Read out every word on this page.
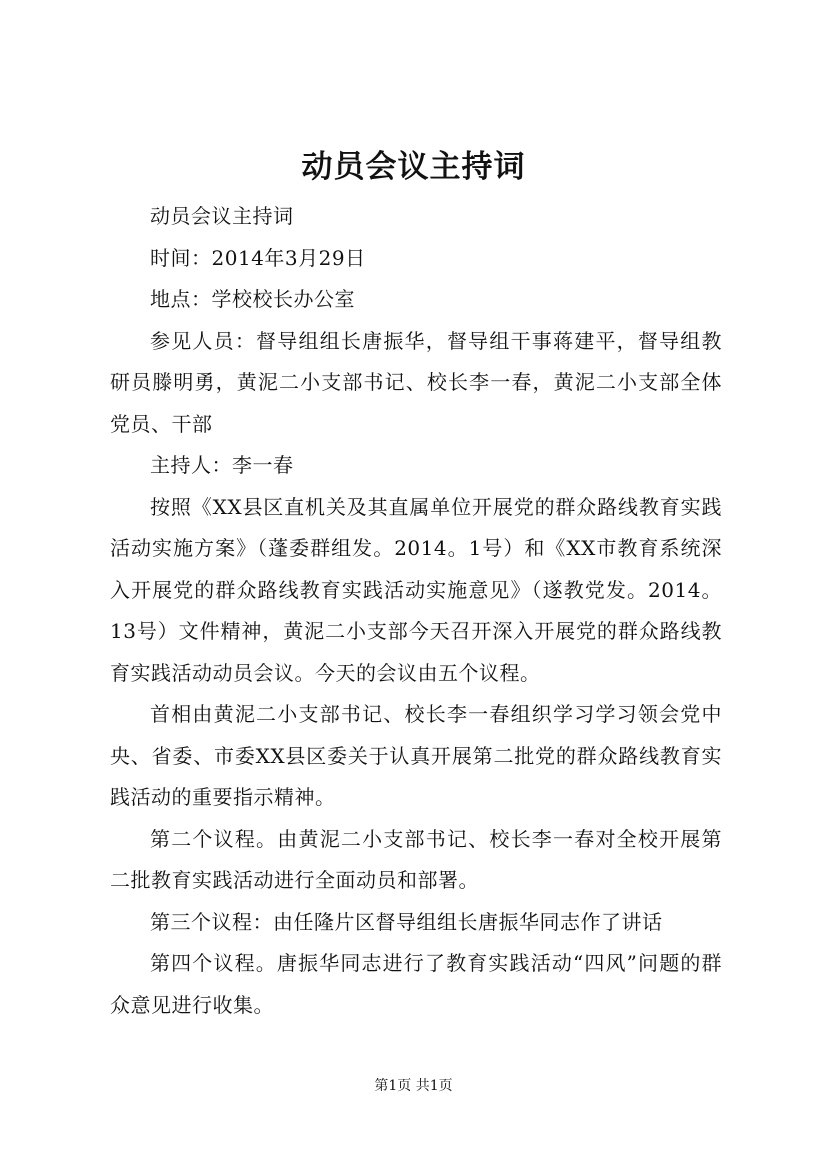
动员会议主持词

动员会议主持词

时间：2014年3月29日

地点：学校校长办公室

参见人员：督导组组长唐振华，督导组干事蒋建平，督导组教研员滕明勇，黄泥二小支部书记、校长李一春，黄泥二小支部全体党员、干部

主持人：李一春

按照《XX县区直机关及其直属单位开展党的群众路线教育实践活动实施方案》（蓬委群组发。2014。1号）和《XX市教育系统深入开展党的群众路线教育实践活动实施意见》（遂教党发。2014。13号）文件精神，黄泥二小支部今天召开深入开展党的群众路线教育实践活动动员会议。今天的会议由五个议程。

首相由黄泥二小支部书记、校长李一春组织学习学习领会党中央、省委、市委XX县区委关于认真开展第二批党的群众路线教育实践活动的重要指示精神。

第二个议程。由黄泥二小支部书记、校长李一春对全校开展第二批教育实践活动进行全面动员和部署。

第三个议程：由任隆片区督导组组长唐振华同志作了讲话

第四个议程。唐振华同志进行了教育实践活动“四风”问题的群众意见进行收集。

第1页 共1页
